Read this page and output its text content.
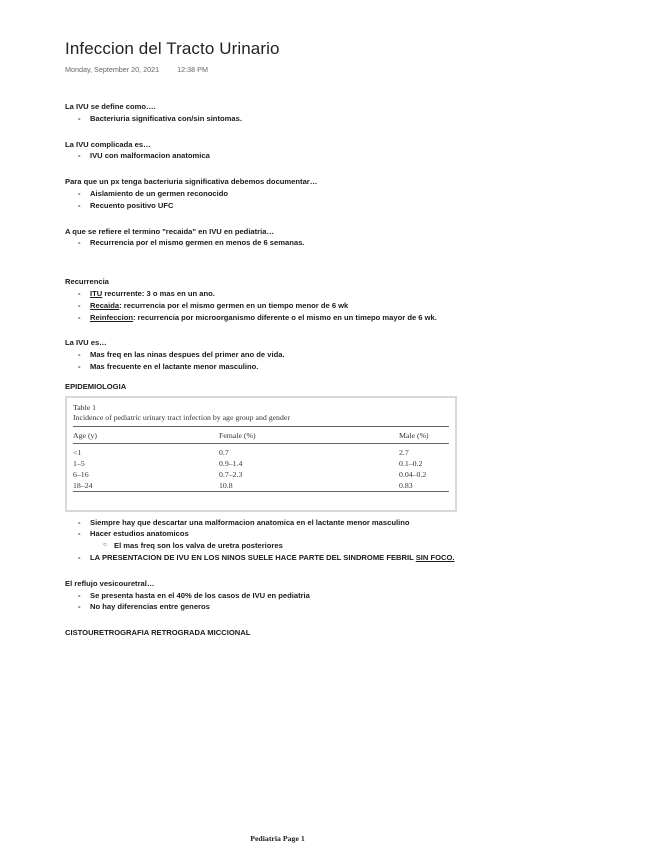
Infeccion del Tracto Urinario
Monday, September 20, 2021	12:38 PM

La IVU se define como….

- Bacteriuria significativa con/sin sintomas.

La IVU complicada es…

- IVU con malformacion anatomica

Para que un px tenga bacteriuria significativa debemos documentar…

- Aislamiento de un germen reconocido
- Recuento positivo UFC

A que se refiere el termino "recaida" en IVU en pediatria…

- Recurrencia por el mismo germen en menos de 6 semanas.

Recurrencia

- ITU recurrente: 3 o mas en un ano.
- Recaida: recurrencia por el mismo germen en un tiempo menor de 6 wk
- Reinfeccion: recurrencia por microorganismo diferente o el mismo en un timepo mayor de 6 wk.

La IVU es…

- Mas freq en las ninas despues del primer ano de vida.
- Mas frecuente en el lactante menor masculino.

EPIDEMIOLOGIA

Table 1
Incidence of pediatric urinary tract infection by age group and gender
Age (y)	Female (%)	Male (%)
<1	0.7	2.7
1–5	0.9–1.4	0.1–0.2
6–16	0.7–2.3	0.04–0.2
18–24	10.8	0.83
- Siempre hay que descartar una malformacion anatomica en el lactante menor masculino
- Hacer estudios anatomicos
○ El mas freq son los valva de uretra posteriores
- LA PRESENTACION DE IVU EN LOS NINOS SUELE HACE PARTE DEL SINDROME FEBRIL SIN FOCO.

El reflujo vesicouretral…

- Se presenta hasta en el 40% de los casos de IVU en pediatria
- No hay diferencias entre generos

CISTOURETROGRAFIA RETROGRADA MICCIONAL

Pediatria Page 1
